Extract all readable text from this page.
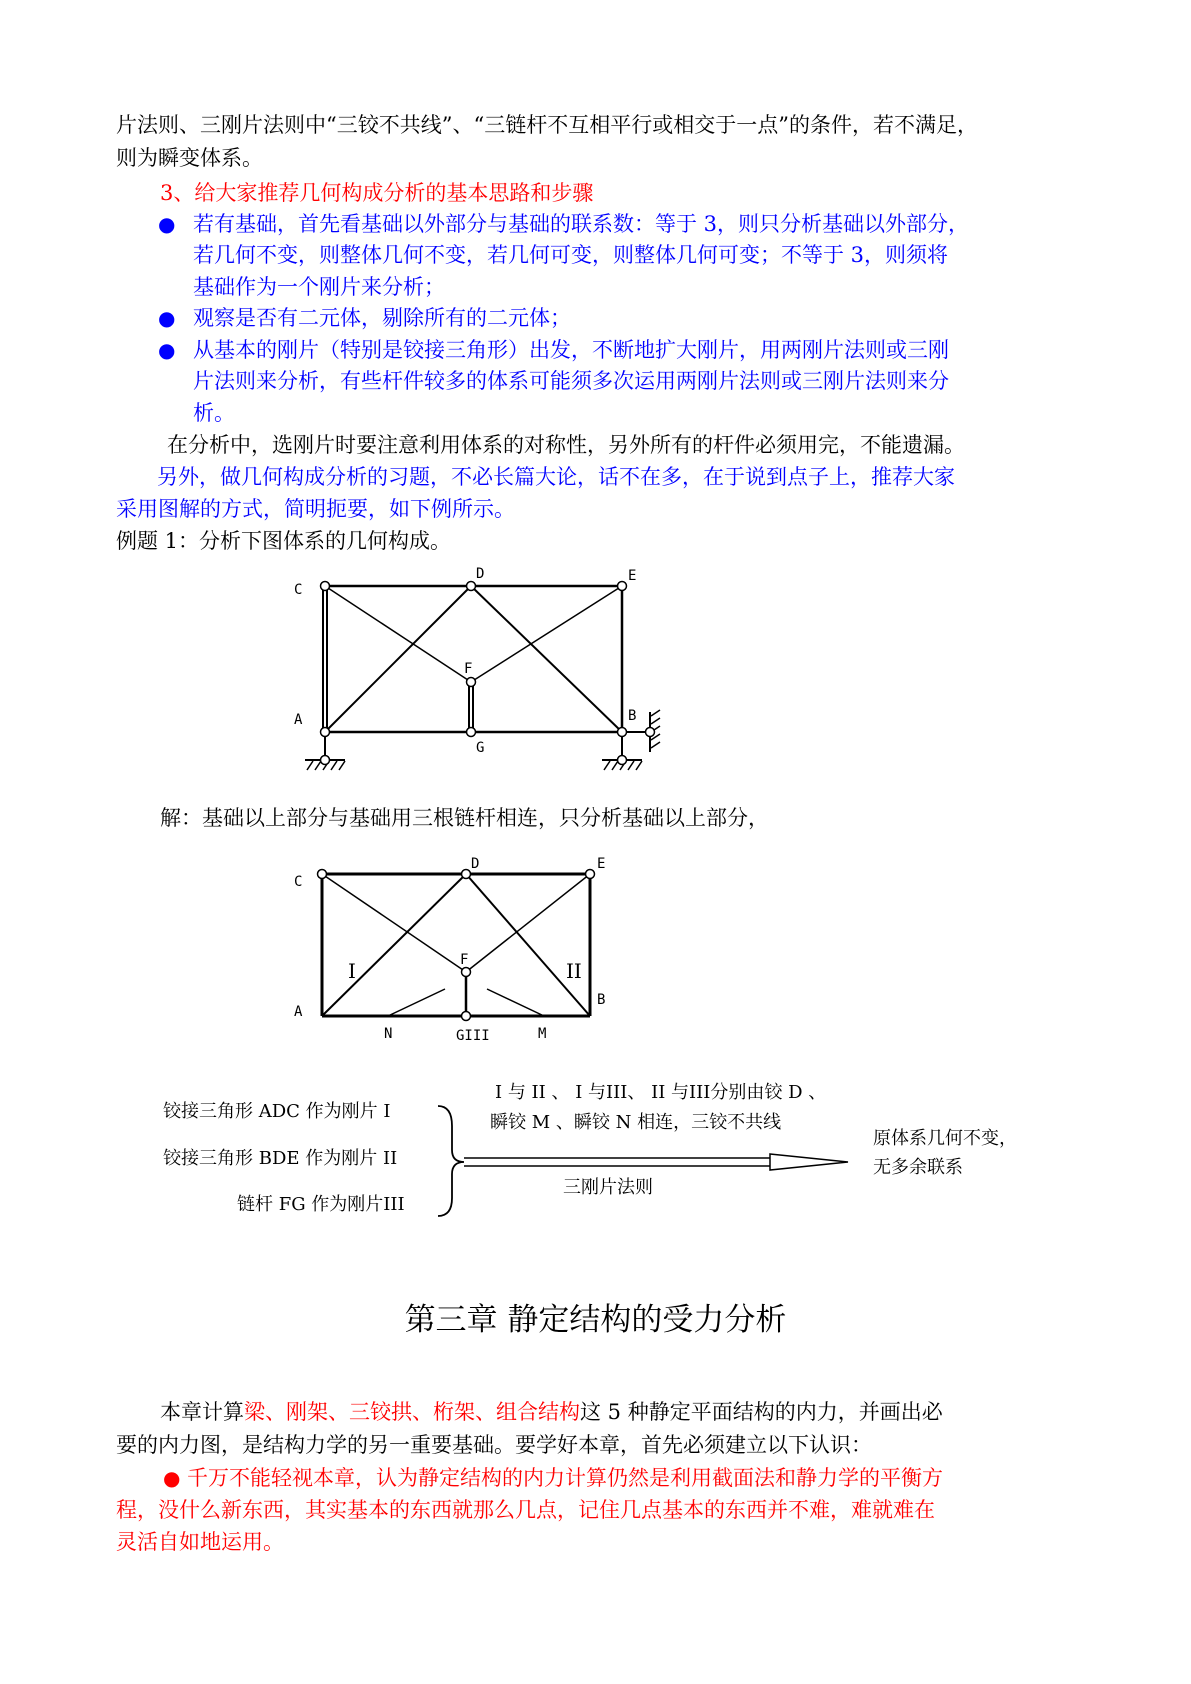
片法则、三刚片法则中“三铰不共线”、“三链杆不互相平行或相交于一点”的条件，若不满足，
则为瞬变体系。
3、给大家推荐几何构成分析的基本思路和步骤
● 若有基础，首先看基础以外部分与基础的联系数：等于 3，则只分析基础以外部分，
若几何不变，则整体几何不变，若几何可变，则整体几何可变；不等于 3，则须将
基础作为一个刚片来分析；
● 观察是否有二元体，剔除所有的二元体；
● 从基本的刚片（特别是铰接三角形）出发，不断地扩大刚片，用两刚片法则或三刚
片法则来分析，有些杆件较多的体系可能须多次运用两刚片法则或三刚片法则来分
析。
在分析中，选刚片时要注意利用体系的对称性，另外所有的杆件必须用完，不能遗漏。
另外，做几何构成分析的习题，不必长篇大论，话不在多，在于说到点子上，推荐大家
采用图解的方式，简明扼要，如下例所示。
例题 1：分析下图体系的几何构成。
C
D	E
F
A	B
G
解：基础以上部分与基础用三根链杆相连，只分析基础以上部分，
C
D	E
F
A
B
GIII
N	M
I	II
铰接三角形 ADC 作为刚片 I
铰接三角形 BDE 作为刚片 II
链杆 FG 作为刚片III
I 与 II 、 I 与III、 II 与III分别由铰 D 、
瞬铰 M 、瞬铰 N 相连，三铰不共线
三刚片法则
原体系几何不变，
无多余联系
第三章 静定结构的受力分析
本章计算梁、刚架、三铰拱、桁架、组合结构这 5 种静定平面结构的内力，并画出必
要的内力图，是结构力学的另一重要基础。要学好本章，首先必须建立以下认识：
● 千万不能轻视本章，认为静定结构的内力计算仍然是利用截面法和静力学的平衡方
程，没什么新东西，其实基本的东西就那么几点，记住几点基本的东西并不难，难就难在
灵活自如地运用。
